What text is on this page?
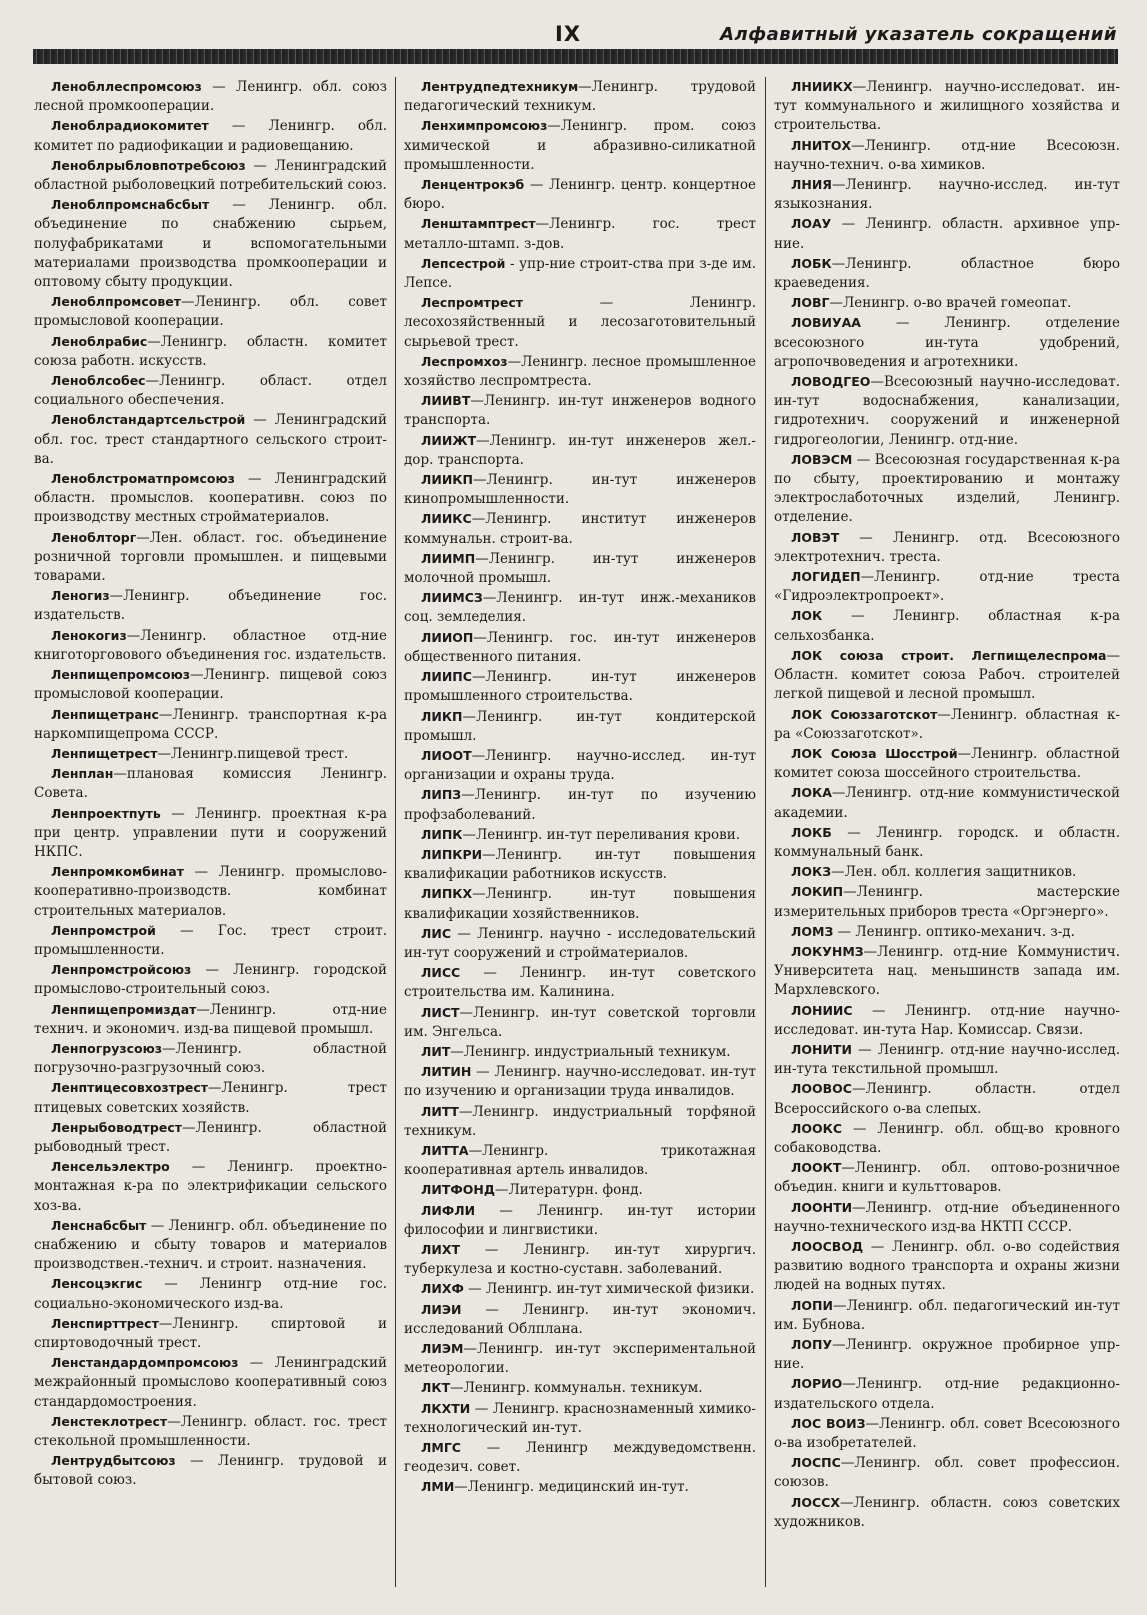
IX	Алфавитный указатель сокращений

Ленобллеспромсоюз — Ленингр. обл. союз лесной промкооперации.

Леноблрадиокомитет — Ленингр. обл. комитет по радиофикации и радиовещанию.

Леноблрыбловпотребсоюз — Ленинградский областной рыболовецкий потребительский союз.

Леноблпромснабсбыт — Ленингр. обл. объединение по снабжению сырьем, полуфабрикатами и вспомогательными материалами производства промкооперации и оптовому сбыту продукции.

Леноблпромсовет—Ленингр. обл. совет промысловой кооперации.

Леноблрабис—Ленингр. областн. комитет союза работн. искусств.

Леноблсобес—Ленингр. област. отдел социального обеспечения.

Леноблстандартсельстрой — Ленинградский обл. гос. трест стандартного сельского строит-ва.

Леноблстроматпромсоюз — Ленинградский областн. промыслов. кооперативн. союз по производству местных стройматериалов.

Леноблторг—Лен. област. гос. объединение розничной торговли промышлен. и пищевыми товарами.

Леногиз—Ленингр. объединение гос. издательств.

Ленокогиз—Ленингр. областное отд-ние книготорговового объединения гос. издательств.

Ленпищепромсоюз—Ленингр. пищевой союз промысловой кооперации.

Ленпищетранс—Ленингр. транспортная к-ра наркомпищепрома СССР.

Ленпищетрест—Ленингр.пищевой трест.

Ленплан—плановая комиссия Ленингр. Совета.

Ленпроектпуть — Ленингр. проектная к-ра при центр. управлении пути и сооружений НКПС.

Ленпромкомбинат — Ленингр. промыслово-кооперативно-производств. комбинат строительных материалов.

Ленпромстрой — Гос. трест строит. промышленности.

Ленпромстройсоюз — Ленингр. городской промыслово-строительный союз.

Ленпищепромиздат—Ленингр. отд-ние технич. и экономич. изд-ва пищевой промышл.

Ленпогрузсоюз—Ленингр. областной погрузочно-разгрузочный союз.

Ленптицесовхозтрест—Ленингр. трест птицевых советских хозяйств.

Ленрыбоводтрест—Ленингр. областной рыбоводный трест.

Ленсельэлектро — Ленингр. проектно-монтажная к-ра по электрификации сельского хоз-ва.

Ленснабсбыт — Ленингр. обл. объединение по снабжению и сбыту товаров и материалов производствен.-технич. и строит. назначения.

Ленсоцэкгис — Ленингр отд-ние гос. социально-экономического изд-ва.

Ленспирттрест—Ленингр. спиртовой и спиртоводочный трест.

Ленстандардомпромсоюз — Ленинградский межрайонный промыслово кооперативный союз стандардомостроения.

Ленстеклотрест—Ленингр. област. гос. трест стекольной промышленности.

Лентрудбытсоюз — Ленингр. трудовой и бытовой союз.

Лентрудпедтехникум—Ленингр. трудовой педагогический техникум.

Ленхимпромсоюз—Ленингр. пром. союз химической и абразивно-силикатной промышленности.

Ленцентрокэб — Ленингр. центр. концертное бюро.

Ленштамптрест—Ленингр. гос. трест металло-штамп. з-дов.

Лепсестрой - упр-ние строит-ства при з-де им. Лепсе.

Леспромтрест — Ленингр. лесохозяйственный и лесозаготовительный сырьевой трест.

Леспромхоз—Ленингр. лесное промышленное хозяйство леспромтреста.

ЛИИВТ—Ленингр. ин-тут инженеров водного транспорта.

ЛИИЖТ—Ленингр. ин-тут инженеров жел.-дор. транспорта.

ЛИИКП—Ленингр. ин-тут инженеров кинопромышленности.

ЛИИКС—Ленингр. институт инженеров коммунальн. строит-ва.

ЛИИМП—Ленингр. ин-тут инженеров молочной промышл.

ЛИИМСЗ—Ленингр. ин-тут инж.-механиков соц. земледелия.

ЛИИОП—Ленингр. гос. ин-тут инженеров общественного питания.

ЛИИПС—Ленингр. ин-тут инженеров промышленного строительства.

ЛИКП—Ленингр. ин-тут кондитерской промышл.

ЛИООТ—Ленингр. научно-исслед. ин-тут организации и охраны труда.

ЛИПЗ—Ленингр. ин-тут по изучению профзаболеваний.

ЛИПК—Ленингр. ин-тут переливания крови.

ЛИПКРИ—Ленингр. ин-тут повышения квалификации работников искусств.

ЛИПКХ—Ленингр. ин-тут повышения квалификации хозяйственников.

ЛИС — Ленингр. научно - исследовательский ин-тут сооружений и стройматериалов.

ЛИСС — Ленингр. ин-тут советского строительства им. Калинина.

ЛИСТ—Ленингр. ин-тут советской торговли им. Энгельса.

ЛИТ—Ленингр. индустриальный техникум.

ЛИТИН — Ленингр. научно-исследоват. ин-тут по изучению и организации труда инвалидов.

ЛИТТ—Ленингр. индустриальный торфяной техникум.

ЛИТТА—Ленингр. трикотажная кооперативная артель инвалидов.

ЛИТФОНД—Литературн. фонд.

ЛИФЛИ — Ленингр. ин-тут истории философии и лингвистики.

ЛИХТ — Ленингр. ин-тут хирургич. туберкулеза и костно-суставн. заболеваний.

ЛИХФ — Ленингр. ин-тут химической физики.

ЛИЭИ — Ленингр. ин-тут экономич. исследований Облплана.

ЛИЭМ—Ленингр. ин-тут экспериментальной метеорологии.

ЛКТ—Ленингр. коммунальн. техникум.

ЛКХТИ — Ленингр. краснознаменный химико-технологический ин-тут.

ЛМГС — Ленингр междуведомственн. геодезич. совет.

ЛМИ—Ленингр. медицинский ин-тут.

ЛНИИКХ—Ленингр. научно-исследоват. ин-тут коммунального и жилищного хозяйства и строительства.

ЛНИТОХ—Ленингр. отд-ние Всесоюзн. научно-технич. о-ва химиков.

ЛНИЯ—Ленингр. научно-исслед. ин-тут языкознания.

ЛОАУ — Ленингр. областн. архивное упр-ние.

ЛОБК—Ленингр. областное бюро краеведения.

ЛОВГ—Ленингр. о-во врачей гомеопат.

ЛОВИУАА — Ленингр. отделение всесоюзного ин-тута удобрений, агропочвоведения и агротехники.

ЛОВОДГЕО—Всесоюзный научно-исследоват. ин-тут водоснабжения, канализации, гидротехнич. сооружений и инженерной гидрогеологии, Ленингр. отд-ние.

ЛОВЭСМ — Всесоюзная государственная к-ра по сбыту, проектированию и монтажу электрослаботочных изделий, Ленингр. отделение.

ЛОВЭТ — Ленингр. отд. Всесоюзного электротехнич. треста.

ЛОГИДЕП—Ленингр. отд-ние треста «Гидроэлектропроект».

ЛОК — Ленингр. областная к-ра сельхозбанка.

ЛОК союза строит. Легпищелеспрома—Областн. комитет союза Рабоч. строителей легкой пищевой и лесной промышл.

ЛОК Союззаготскот—Ленингр. областная к-ра «Союззаготскот».

ЛОК Союза Шосстрой—Ленингр. областной комитет союза шоссейного строительства.

ЛОКА—Ленингр. отд-ние коммунистической академии.

ЛОКБ — Ленингр. городск. и областн. коммунальный банк.

ЛОКЗ—Лен. обл. коллегия защитников.

ЛОКИП—Ленингр. мастерские измерительных приборов треста «Оргэнерго».

ЛОМЗ — Ленингр. оптико-механич. з-д.

ЛОКУНМЗ—Ленингр. отд-ние Коммунистич. Университета нац. меньшинств запада им. Мархлевского.

ЛОНИИС — Ленингр. отд-ние научно-исследоват. ин-тута Нар. Комиссар. Связи.

ЛОНИТИ — Ленингр. отд-ние научно-исслед. ин-тута текстильной промышл.

ЛООВОС—Ленингр. областн. отдел Всероссийского о-ва слепых.

ЛООКС — Ленингр. обл. общ-во кровного собаководства.

ЛООКТ—Ленингр. обл. оптово-розничное объедин. книги и культтоваров.

ЛООНТИ—Ленингр. отд-ние объединенного научно-технического изд-ва НКТП СССР.

ЛООСВОД — Ленингр. обл. о-во содействия развитию водного транспорта и охраны жизни людей на водных путях.

ЛОПИ—Ленингр. обл. педагогический ин-тут им. Бубнова.

ЛОПУ—Ленингр. окружное пробирное упр-ние.

ЛОРИО—Ленингр. отд-ние редакционно-издательского отдела.

ЛОС ВОИЗ—Ленингр. обл. совет Всесоюзного о-ва изобретателей.

ЛОСПС—Ленингр. обл. совет профессион. союзов.

ЛОССХ—Ленингр. областн. союз советских художников.
